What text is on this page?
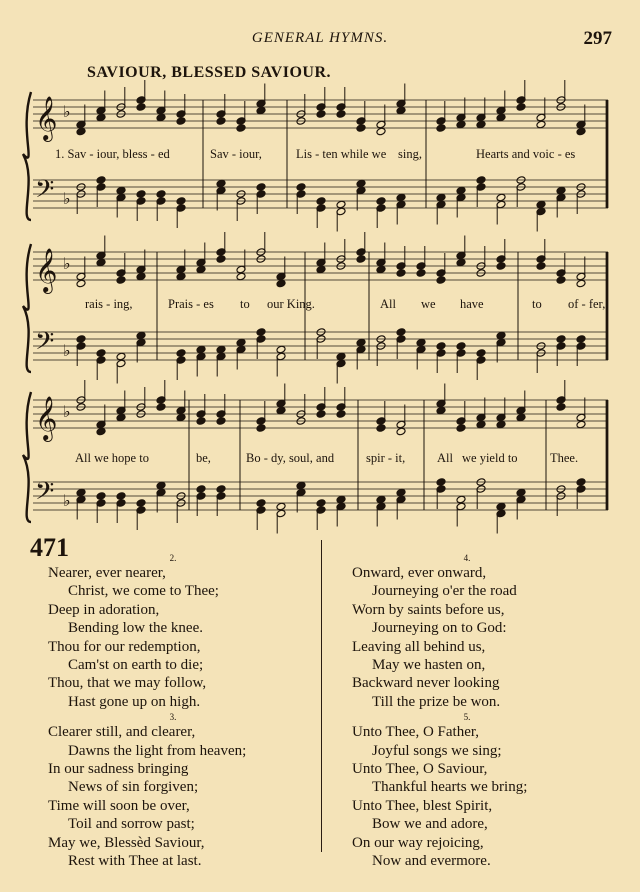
GENERAL HYMNS.	297
SAVIOUR, BLESSED SAVIOUR.
𝄞 ♭
𝄢 ♭
𝄞 ♭
𝄢 ♭
𝄞 ♭
𝄢 ♭
1. Sav - iour, bless - ed	Sav - iour,	Lis - ten while we sing,	Hearts and voic - es
rais - ing,	Prais - es to our King.	All we have	to of - fer,
All we hope to	be,	Bo - dy, soul, and	spir - it,	All we yield to	Thee.
471	2.
Nearer, ever nearer,
Christ, we come to Thee;
Deep in adoration,
Bending low the knee.
Thou for our redemption,
Cam'st on earth to die;
Thou, that we may follow,
Hast gone up on high.
3.
Clearer still, and clearer,
Dawns the light from heaven;
In our sadness bringing
News of sin forgiven;
Time will soon be over,
Toil and sorrow past;
May we, Blessèd Saviour,
Rest with Thee at last.
4.
Onward, ever onward,
Journeying o'er the road
Worn by saints before us,
Journeying on to God:
Leaving all behind us,
May we hasten on,
Backward never looking
Till the prize be won.
5.
Unto Thee, O Father,
Joyful songs we sing;
Unto Thee, O Saviour,
Thankful hearts we bring;
Unto Thee, blest Spirit,
Bow we and adore,
On our way rejoicing,
Now and evermore.
